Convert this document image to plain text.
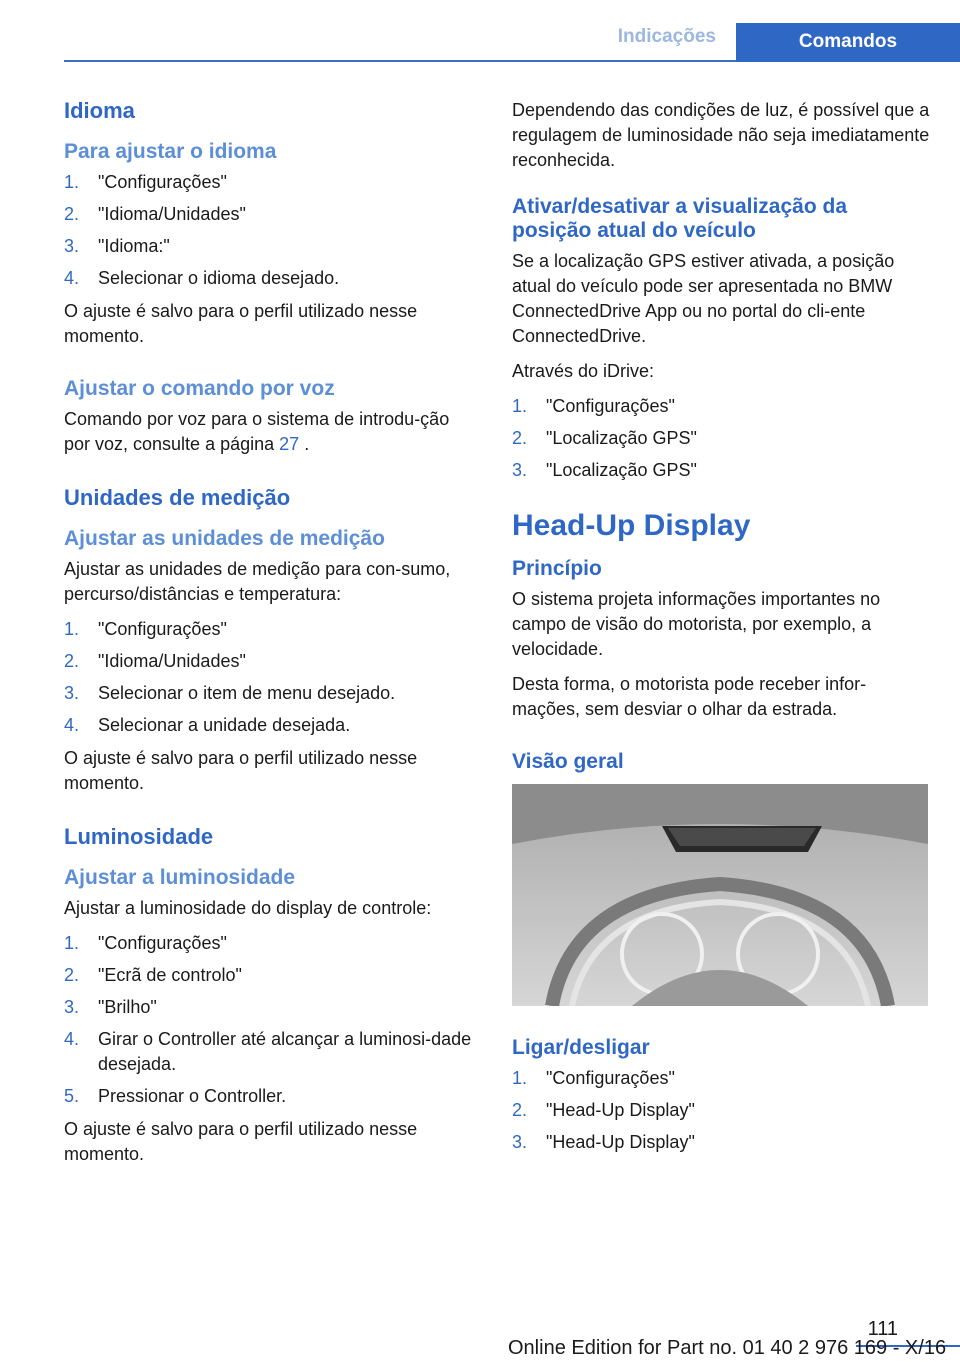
Indicações	Comandos
Idioma
Para ajustar o idioma
1. "Configurações"
2. "Idioma/Unidades"
3. "Idioma:"
4. Selecionar o idioma desejado.

O ajuste é salvo para o perfil utilizado nesse momento.

Ajustar o comando por voz

Comando por voz para o sistema de introdu-ção por voz, consulte a página 27 .

Unidades de medição
Ajustar as unidades de medição

Ajustar as unidades de medição para con-sumo, percurso/distâncias e temperatura:

1. "Configurações"
2. "Idioma/Unidades"
3. Selecionar o item de menu desejado.
4. Selecionar a unidade desejada.

O ajuste é salvo para o perfil utilizado nesse momento.

Luminosidade
Ajustar a luminosidade

Ajustar a luminosidade do display de controle:

1. "Configurações"
2. "Ecrã de controlo"
3. "Brilho"
4. Girar o Controller até alcançar a luminosi-dade desejada.
5. Pressionar o Controller.

O ajuste é salvo para o perfil utilizado nesse momento.

Dependendo das condições de luz, é possível que a regulagem de luminosidade não seja imediatamente reconhecida.

Ativar/desativar a visualização da posição atual do veículo

Se a localização GPS estiver ativada, a posição atual do veículo pode ser apresentada no BMW ConnectedDrive App ou no portal do cli-ente ConnectedDrive.

Através do iDrive:

1. "Configurações"
2. "Localização GPS"
3. "Localização GPS"
Head-Up Display
Princípio

O sistema projeta informações importantes no campo de visão do motorista, por exemplo, a velocidade.

Desta forma, o motorista pode receber infor-mações, sem desviar o olhar da estrada.

Visão geral
Ligar/desligar
1. "Configurações"
2. "Head-Up Display"
3. "Head-Up Display"
111
Online Edition for Part no. 01 40 2 976 169 - X/16
